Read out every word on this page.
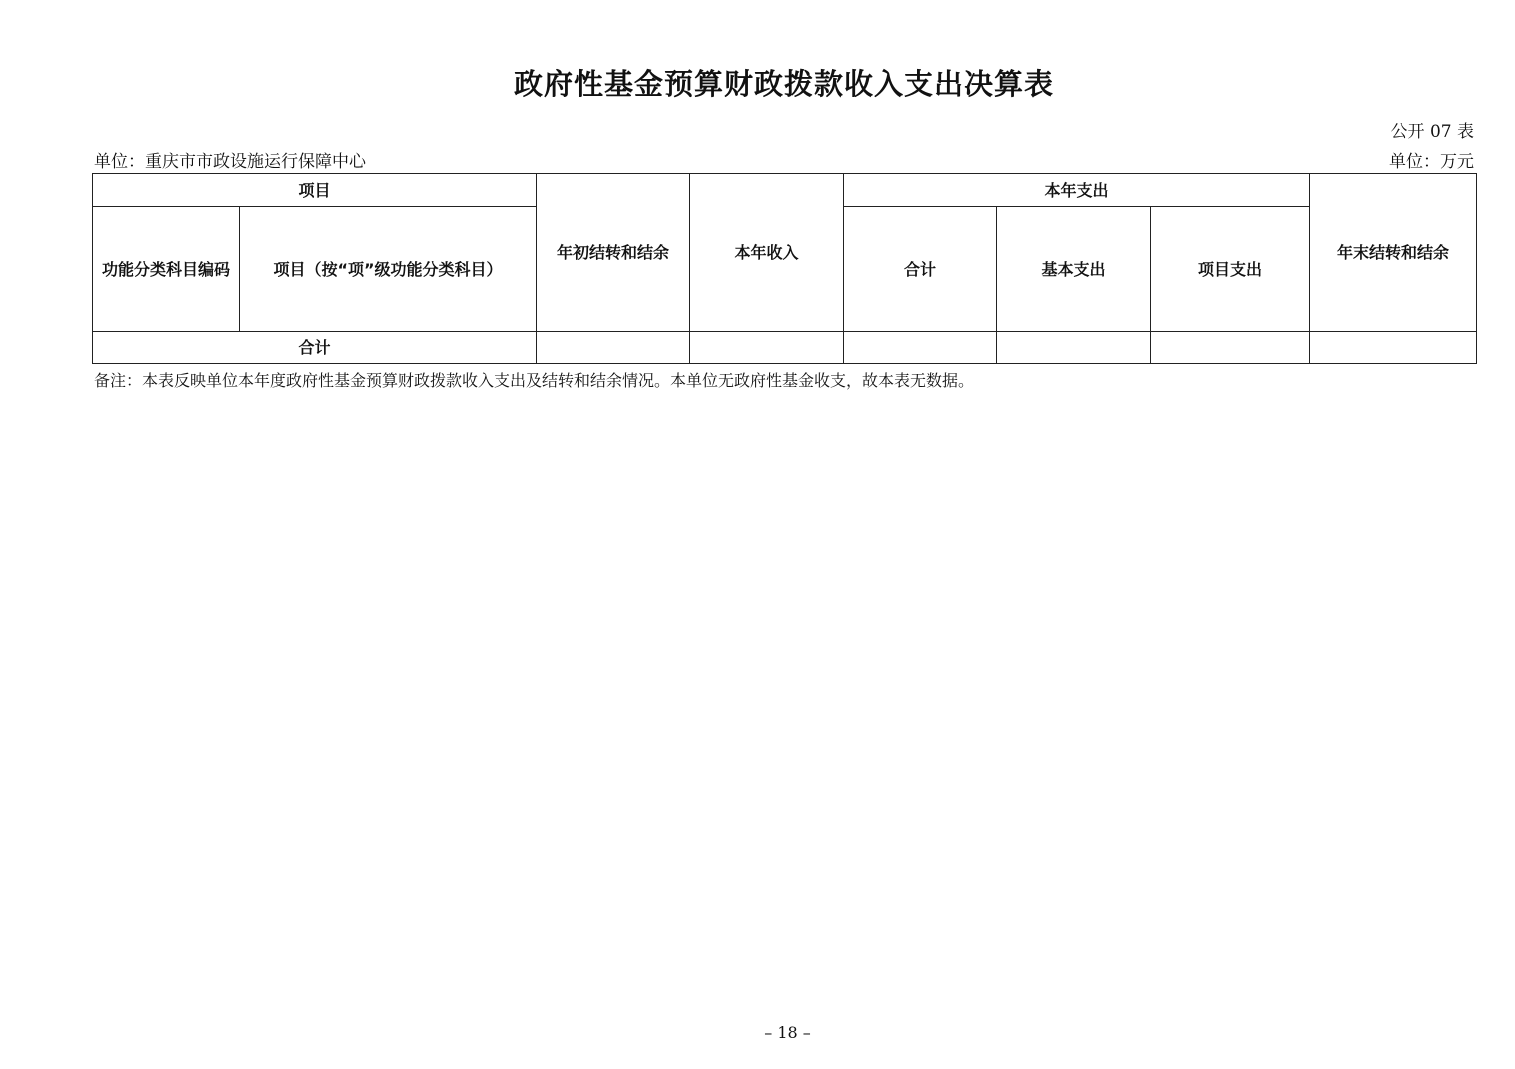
政府性基金预算财政拨款收入支出决算表
公开 07 表
单位：重庆市市政设施运行保障中心	单位：万元
项目		年初结转和结余	本年收入	本年支出			年末结转和结余
功能分类科目编码	项目（按“项”级功能分类科目）			合计	基本支出	项目支出	
合计							
备注：本表反映单位本年度政府性基金预算财政拨款收入支出及结转和结余情况。本单位无政府性基金收支，故本表无数据。
– 18 –
